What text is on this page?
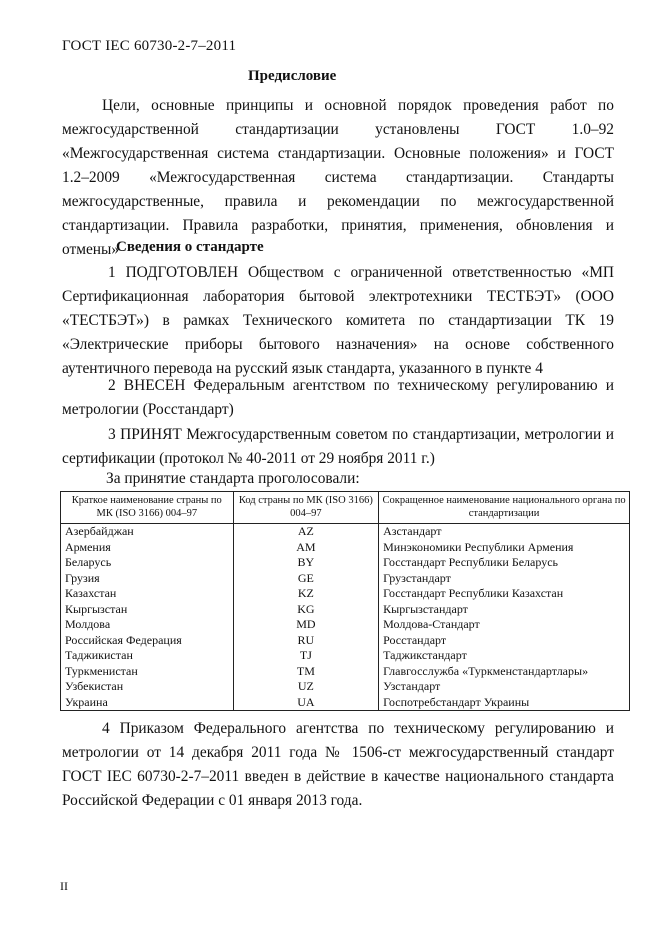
ГОСТ IEC 60730-2-7–2011
Предисловие
Цели, основные принципы и основной порядок проведения работ по межгосударственной стандартизации установлены ГОСТ 1.0–92 «Межгосударственная система стандартизации. Основные положения» и ГОСТ 1.2–2009 «Межгосударственная система стандартизации. Стандарты межгосударственные, правила и рекомендации по межгосударственной стандартизации. Правила разработки, принятия, применения, обновления и отмены»
Сведения о стандарте
1 ПОДГОТОВЛЕН Обществом с ограниченной ответственностью «МП Сертификационная лаборатория бытовой электротехники ТЕСТБЭТ» (ООО «ТЕСТБЭТ») в рамках Технического комитета по стандартизации ТК 19 «Электрические приборы бытового назначения» на основе собственного аутентичного перевода на русский язык стандарта, указанного в пункте 4
2 ВНЕСЕН Федеральным агентством по техническому регулированию и метрологии (Росстандарт)
3 ПРИНЯТ Межгосударственным советом по стандартизации, метрологии и сертификации (протокол № 40-2011 от 29 ноября 2011 г.)
За принятие стандарта проголосовали:
Краткое наименование страны по МК (ISO 3166) 004–97	Код страны по МК (ISO 3166) 004–97	Сокращенное наименование национального органа по стандартизации
Азербайджан	AZ	Азстандарт
Армения	AM	Минэкономики Республики Армения
Беларусь	BY	Госстандарт Республики Беларусь
Грузия	GE	Грузстандарт
Казахстан	KZ	Госстандарт Республики Казахстан
Кыргызстан	KG	Кыргызстандарт
Молдова	MD	Молдова-Стандарт
Российская Федерация	RU	Росстандарт
Таджикистан	TJ	Таджикстандарт
Туркменистан	TM	Главгосслужба «Туркменстандартлары»
Узбекистан	UZ	Узстандарт
Украина	UA	Госпотребстандарт Украины
4 Приказом Федерального агентства по техническому регулированию и метрологии от 14 декабря 2011 года № 1506-ст межгосударственный стандарт ГОСТ IEC 60730-2-7–2011 введен в действие в качестве национального стандарта Российской Федерации с 01 января 2013 года.
II
